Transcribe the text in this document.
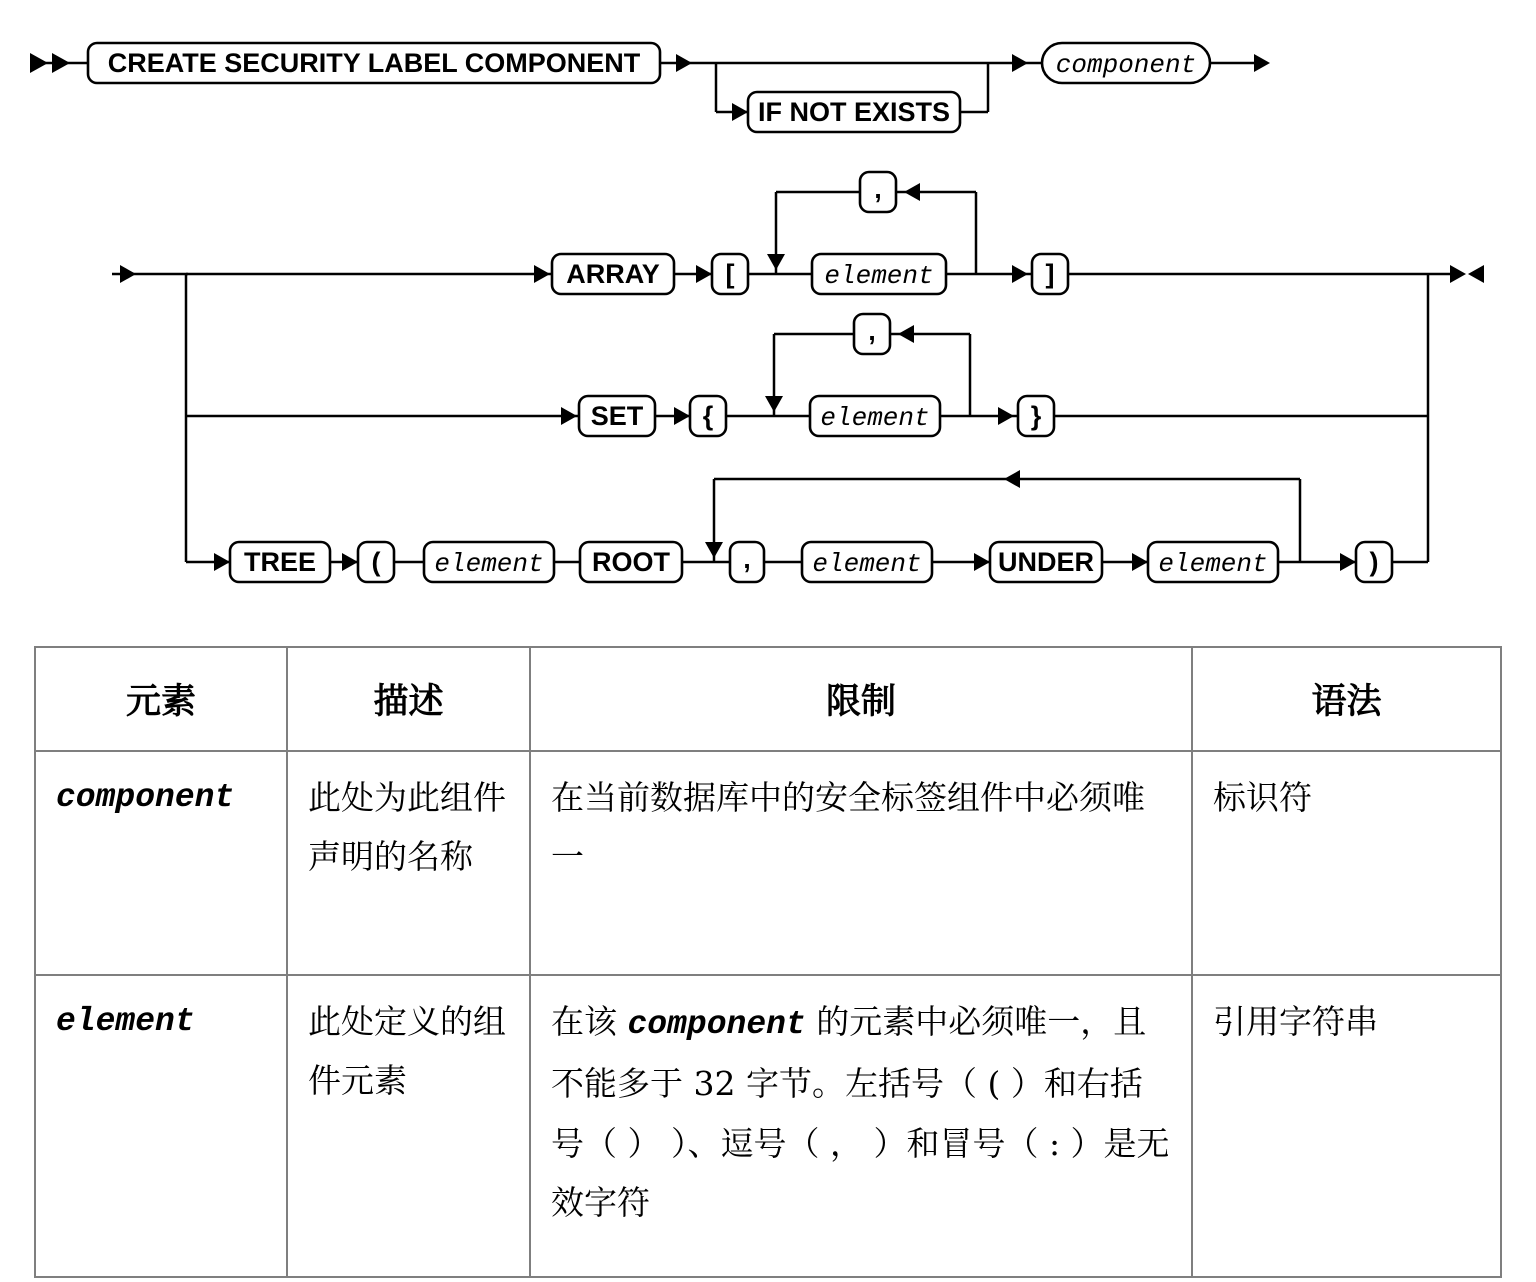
CREATE SECURITY LABEL COMPONENT
IF NOT EXISTS
component
ARRAY [
,
element	]
SET {
,
element	}
TREE ( element ROOT	, element	UNDER element	)
元素	描述	限制	语法
component	此处为此组件声明的名称	在当前数据库中的安全标签组件中必须唯一	标识符
element	此处定义的组件元素	在该 component 的元素中必须唯一，且不能多于 32 字节。左括号（ ( ）和右括号（ ） ）、逗号（ ， ）和冒号（ : ）是无效字符	引用字符串
